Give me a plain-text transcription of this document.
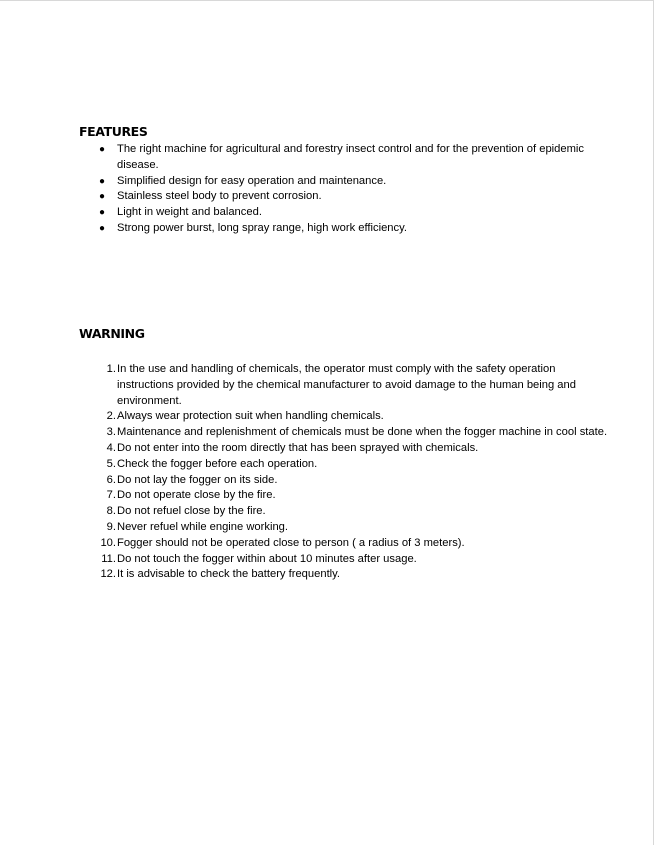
FEATURES
● The right machine for agricultural and forestry insect control and for the prevention of epidemic disease.
● Simplified design for easy operation and maintenance.
● Stainless steel body to prevent corrosion.
● Light in weight and balanced.
● Strong power burst, long spray range, high work efficiency.
WARNING
1. In the use and handling of chemicals, the operator must comply with the safety operation instructions provided by the chemical manufacturer to avoid damage to the human being and environment.
2. Always wear protection suit when handling chemicals.
3. Maintenance and replenishment of chemicals must be done when the fogger machine in cool state.
4. Do not enter into the room directly that has been sprayed with chemicals.
5. Check the fogger before each operation.
6. Do not lay the fogger on its side.
7. Do not operate close by the fire.
8. Do not refuel close by the fire.
9. Never refuel while engine working.
10. Fogger should not be operated close to person ( a radius of 3 meters).
11. Do not touch the fogger within about 10 minutes after usage.
12. It is advisable to check the battery frequently.
